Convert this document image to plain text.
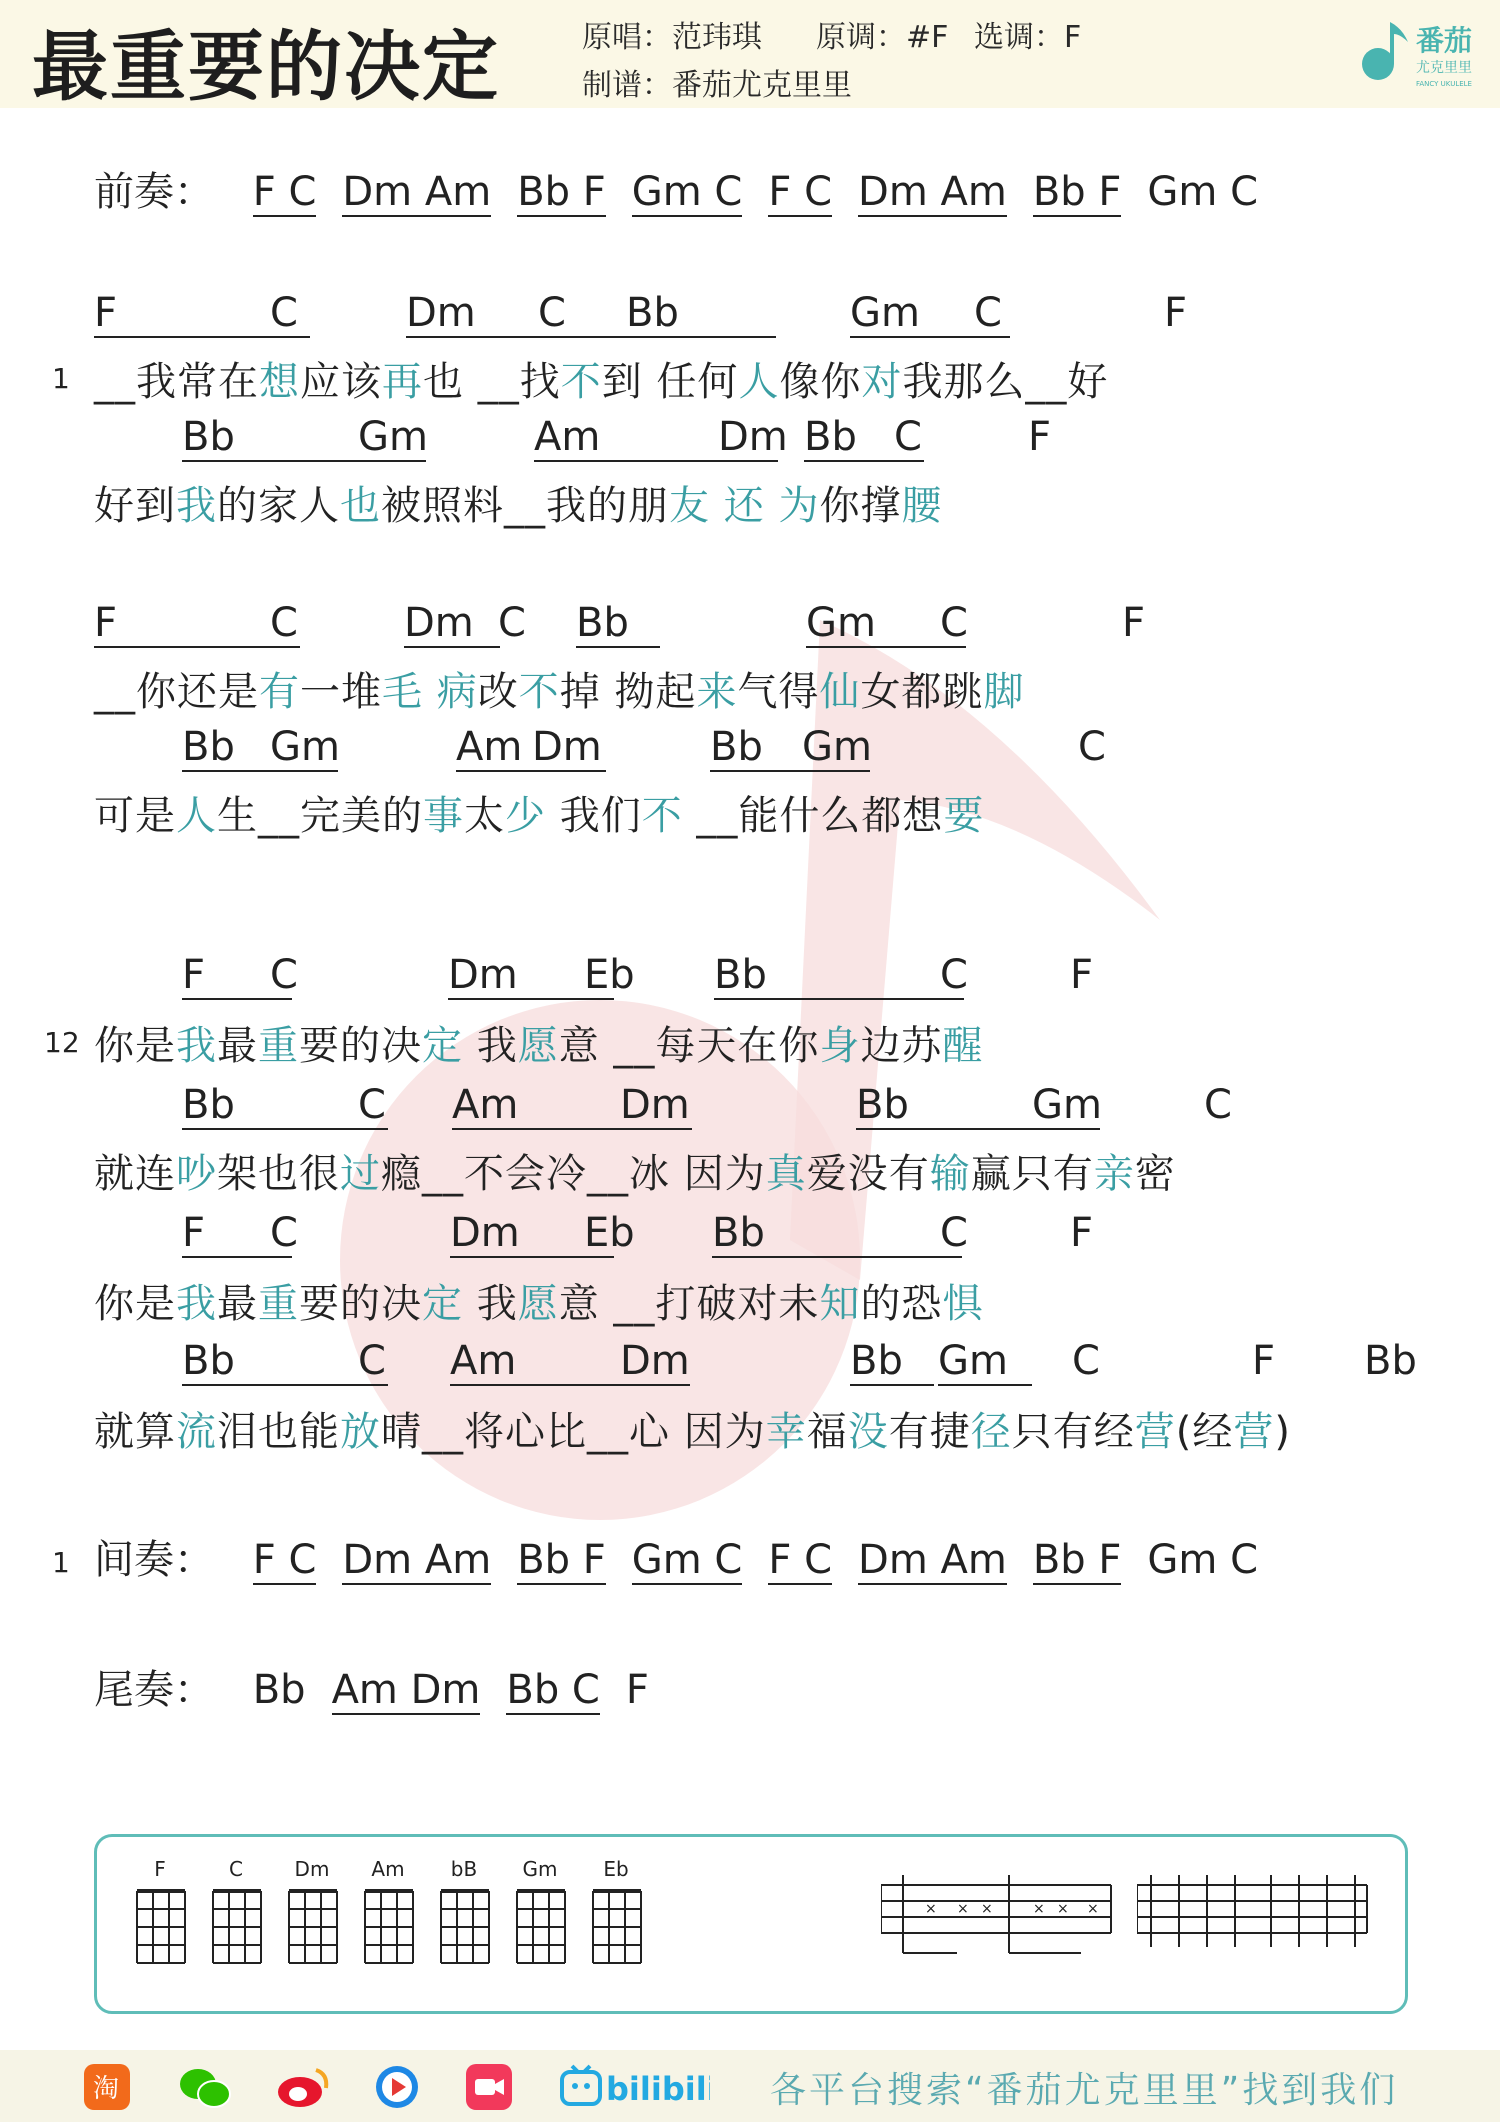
最重要的决定	原唱：范玮琪 原调：#F 选调：F
制谱：番茄尤克里里
番茄
尤克里里
FANCY UKULELE
前奏： F C Dm Am Bb F Gm C F C Dm Am Bb F Gm C
1
F	C	Dm	C Bb	Gm	C	F
__我常在想应该再也 __找不到 任何人像你对我那么__好
Bb	Gm	Am	Dm Bb C	F
好到我的家人也被照料__我的朋友 还 为你撑腰
F	C	Dm C Bb	Gm	C	F
__你还是有一堆毛 病改不掉 拗起来气得仙女都跳脚
Bb Gm	Am Dm	Bb Gm	C
可是人生__完美的事太少 我们不 __能什么都想要
12
F	C	Dm	Eb Bb	C	F
你是我最重要的决定 我愿意 __每天在你身边苏醒
Bb	C Am	Dm	Bb	Gm	C
就连吵架也很过瘾__不会冷__冰 因为真爱没有输赢只有亲密
F	C	Dm	Eb Bb	C	F
你是我最重要的决定 我愿意 __打破对未知的恐惧
Bb	C Am	Dm	Bb Gm	C	F Bb
就算流泪也能放晴__将心比__心 因为幸福没有捷径只有经营(经营)
1 间奏： F C Dm Am Bb F Gm C F C Dm Am Bb F Gm C
尾奏： Bb Am Dm Bb C F
F	C	Dm	Am	bB	Gm	Eb
× × ×	× × ×
淘	bilibili 各平台搜索“番茄尤克里里”找到我们
